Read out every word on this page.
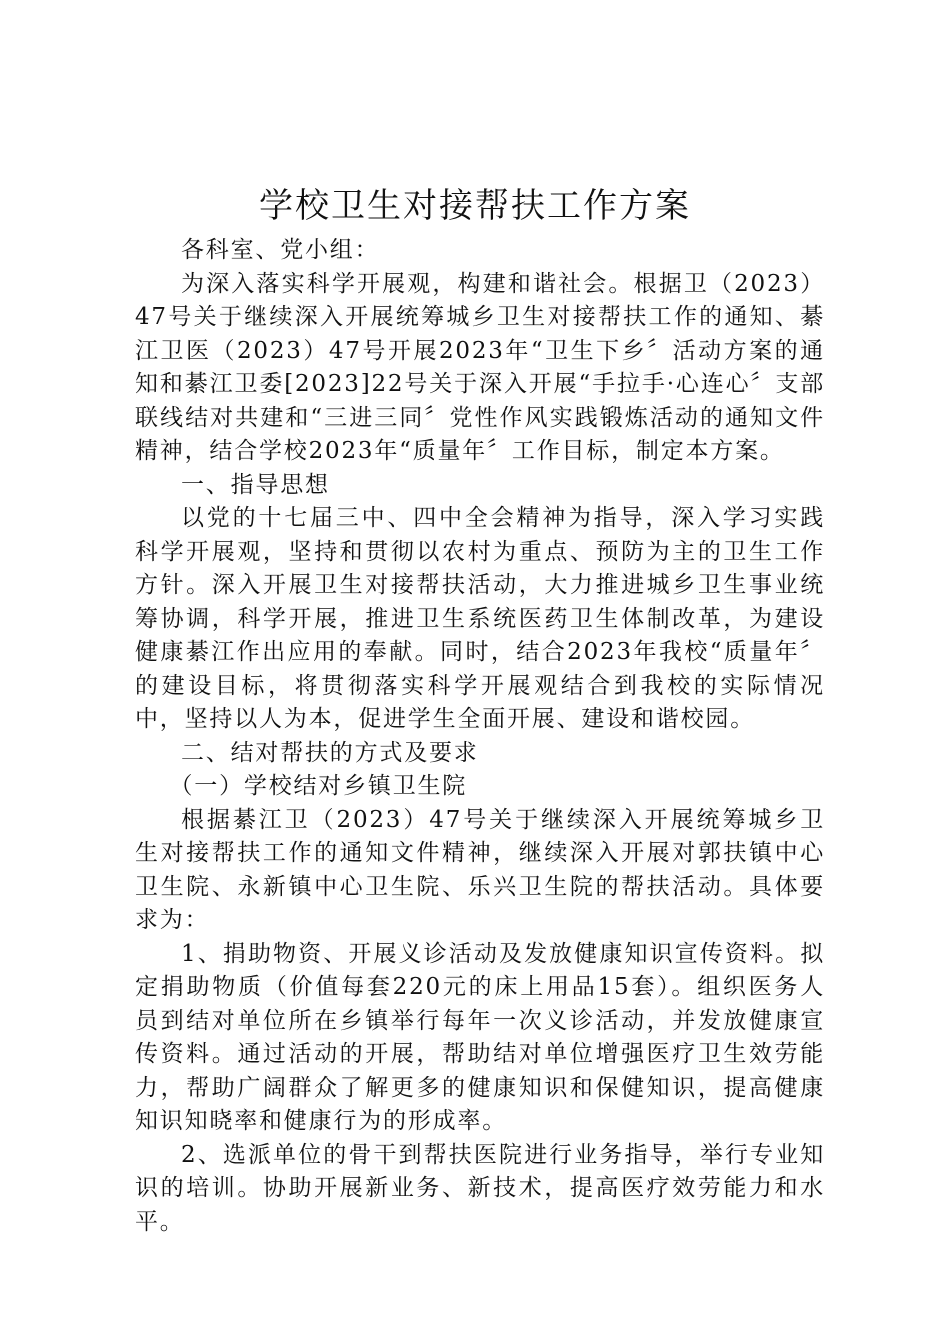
学校卫生对接帮扶工作方案

各科室、党小组：

为深入落实科学开展观，构建和谐社会。根据卫（2023）47号关于继续深入开展统筹城乡卫生对接帮扶工作的通知、綦江卫医（2023）47号开展2023年“卫生下乡〞活动方案的通知和綦江卫委[2023]22号关于深入开展“手拉手·心连心〞支部联线结对共建和“三进三同〞党性作风实践锻炼活动的通知文件精神，结合学校2023年“质量年〞工作目标，制定本方案。

一、指导思想

以党的十七届三中、四中全会精神为指导，深入学习实践科学开展观，坚持和贯彻以农村为重点、预防为主的卫生工作方针。深入开展卫生对接帮扶活动，大力推进城乡卫生事业统筹协调，科学开展，推进卫生系统医药卫生体制改革，为建设健康綦江作出应用的奉献。同时，结合2023年我校“质量年〞的建设目标，将贯彻落实科学开展观结合到我校的实际情况中，坚持以人为本，促进学生全面开展、建设和谐校园。

二、结对帮扶的方式及要求

（一）学校结对乡镇卫生院

根据綦江卫（2023）47号关于继续深入开展统筹城乡卫生对接帮扶工作的通知文件精神，继续深入开展对郭扶镇中心卫生院、永新镇中心卫生院、乐兴卫生院的帮扶活动。具体要求为：

1、捐助物资、开展义诊活动及发放健康知识宣传资料。拟定捐助物质（价值每套220元的床上用品15套）。组织医务人员到结对单位所在乡镇举行每年一次义诊活动，并发放健康宣传资料。通过活动的开展，帮助结对单位增强医疗卫生效劳能力，帮助广阔群众了解更多的健康知识和保健知识，提高健康知识知晓率和健康行为的形成率。

2、选派单位的骨干到帮扶医院进行业务指导，举行专业知识的培训。协助开展新业务、新技术，提高医疗效劳能力和水平。
